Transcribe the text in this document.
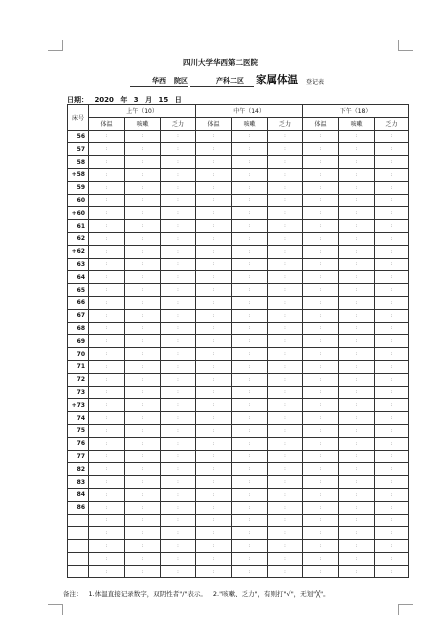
四川大学华西第二医院
华西 院区	产科二区 家属体温 登记表
日期： 2020 年 3 月 15 日
床号	上午（10）			中午（14）			下午（18）		
	体温	咳嗽	乏力	体温	咳嗽	乏力	体温	咳嗽	乏力
56	:	:	:	:	:	:	:	:	:
57	:	:	:	:	:	:	:	:	:
58	:	:	:	:	:	:	:	:	:
+58	:	:	:	:	:	:	:	:	:
59	:	:	:	:	:	:	:	:	:
60	:	:	:	:	:	:	:	:	:
+60	:	:	:	:	:	:	:	:	:
61	:	:	:	:	:	:	:	:	:
62	:	:	:	:	:	:	:	:	:
+62	:	:	:	:	:	:	:	:	:
63	:	:	:	:	:	:	:	:	:
64	:	:	:	:	:	:	:	:	:
65	:	:	:	:	:	:	:	:	:
66	:	:	:	:	:	:	:	:	:
67	:	:	:	:	:	:	:	:	:
68	:	:	:	:	:	:	:	:	:
69	:	:	:	:	:	:	:	:	:
70	:	:	:	:	:	:	:	:	:
71	:	:	:	:	:	:	:	:	:
72	:	:	:	:	:	:	:	:	:
73	:	:	:	:	:	:	:	:	:
+73	:	:	:	:	:	:	:	:	:
74	:	:	:	:	:	:	:	:	:
75	:	:	:	:	:	:	:	:	:
76	:	:	:	:	:	:	:	:	:
77	:	:	:	:	:	:	:	:	:
82	:	:	:	:	:	:	:	:	:
83	:	:	:	:	:	:	:	:	:
84	:	:	:	:	:	:	:	:	:
86	:	:	:	:	:	:	:	:	:
	:	:	:	:	:	:	:	:	:
	:	:	:	:	:	:	:	:	:
	:	:	:	:	:	:	:	:	:
	:	:	:	:	:	:	:	:	:
	:	:	:	:	:	:	:	:	:
备注： 1.体温直接记录数字，双阴性者"/"表示。 2."咳嗽、乏力"，有则打"√"，无划"╳"。
